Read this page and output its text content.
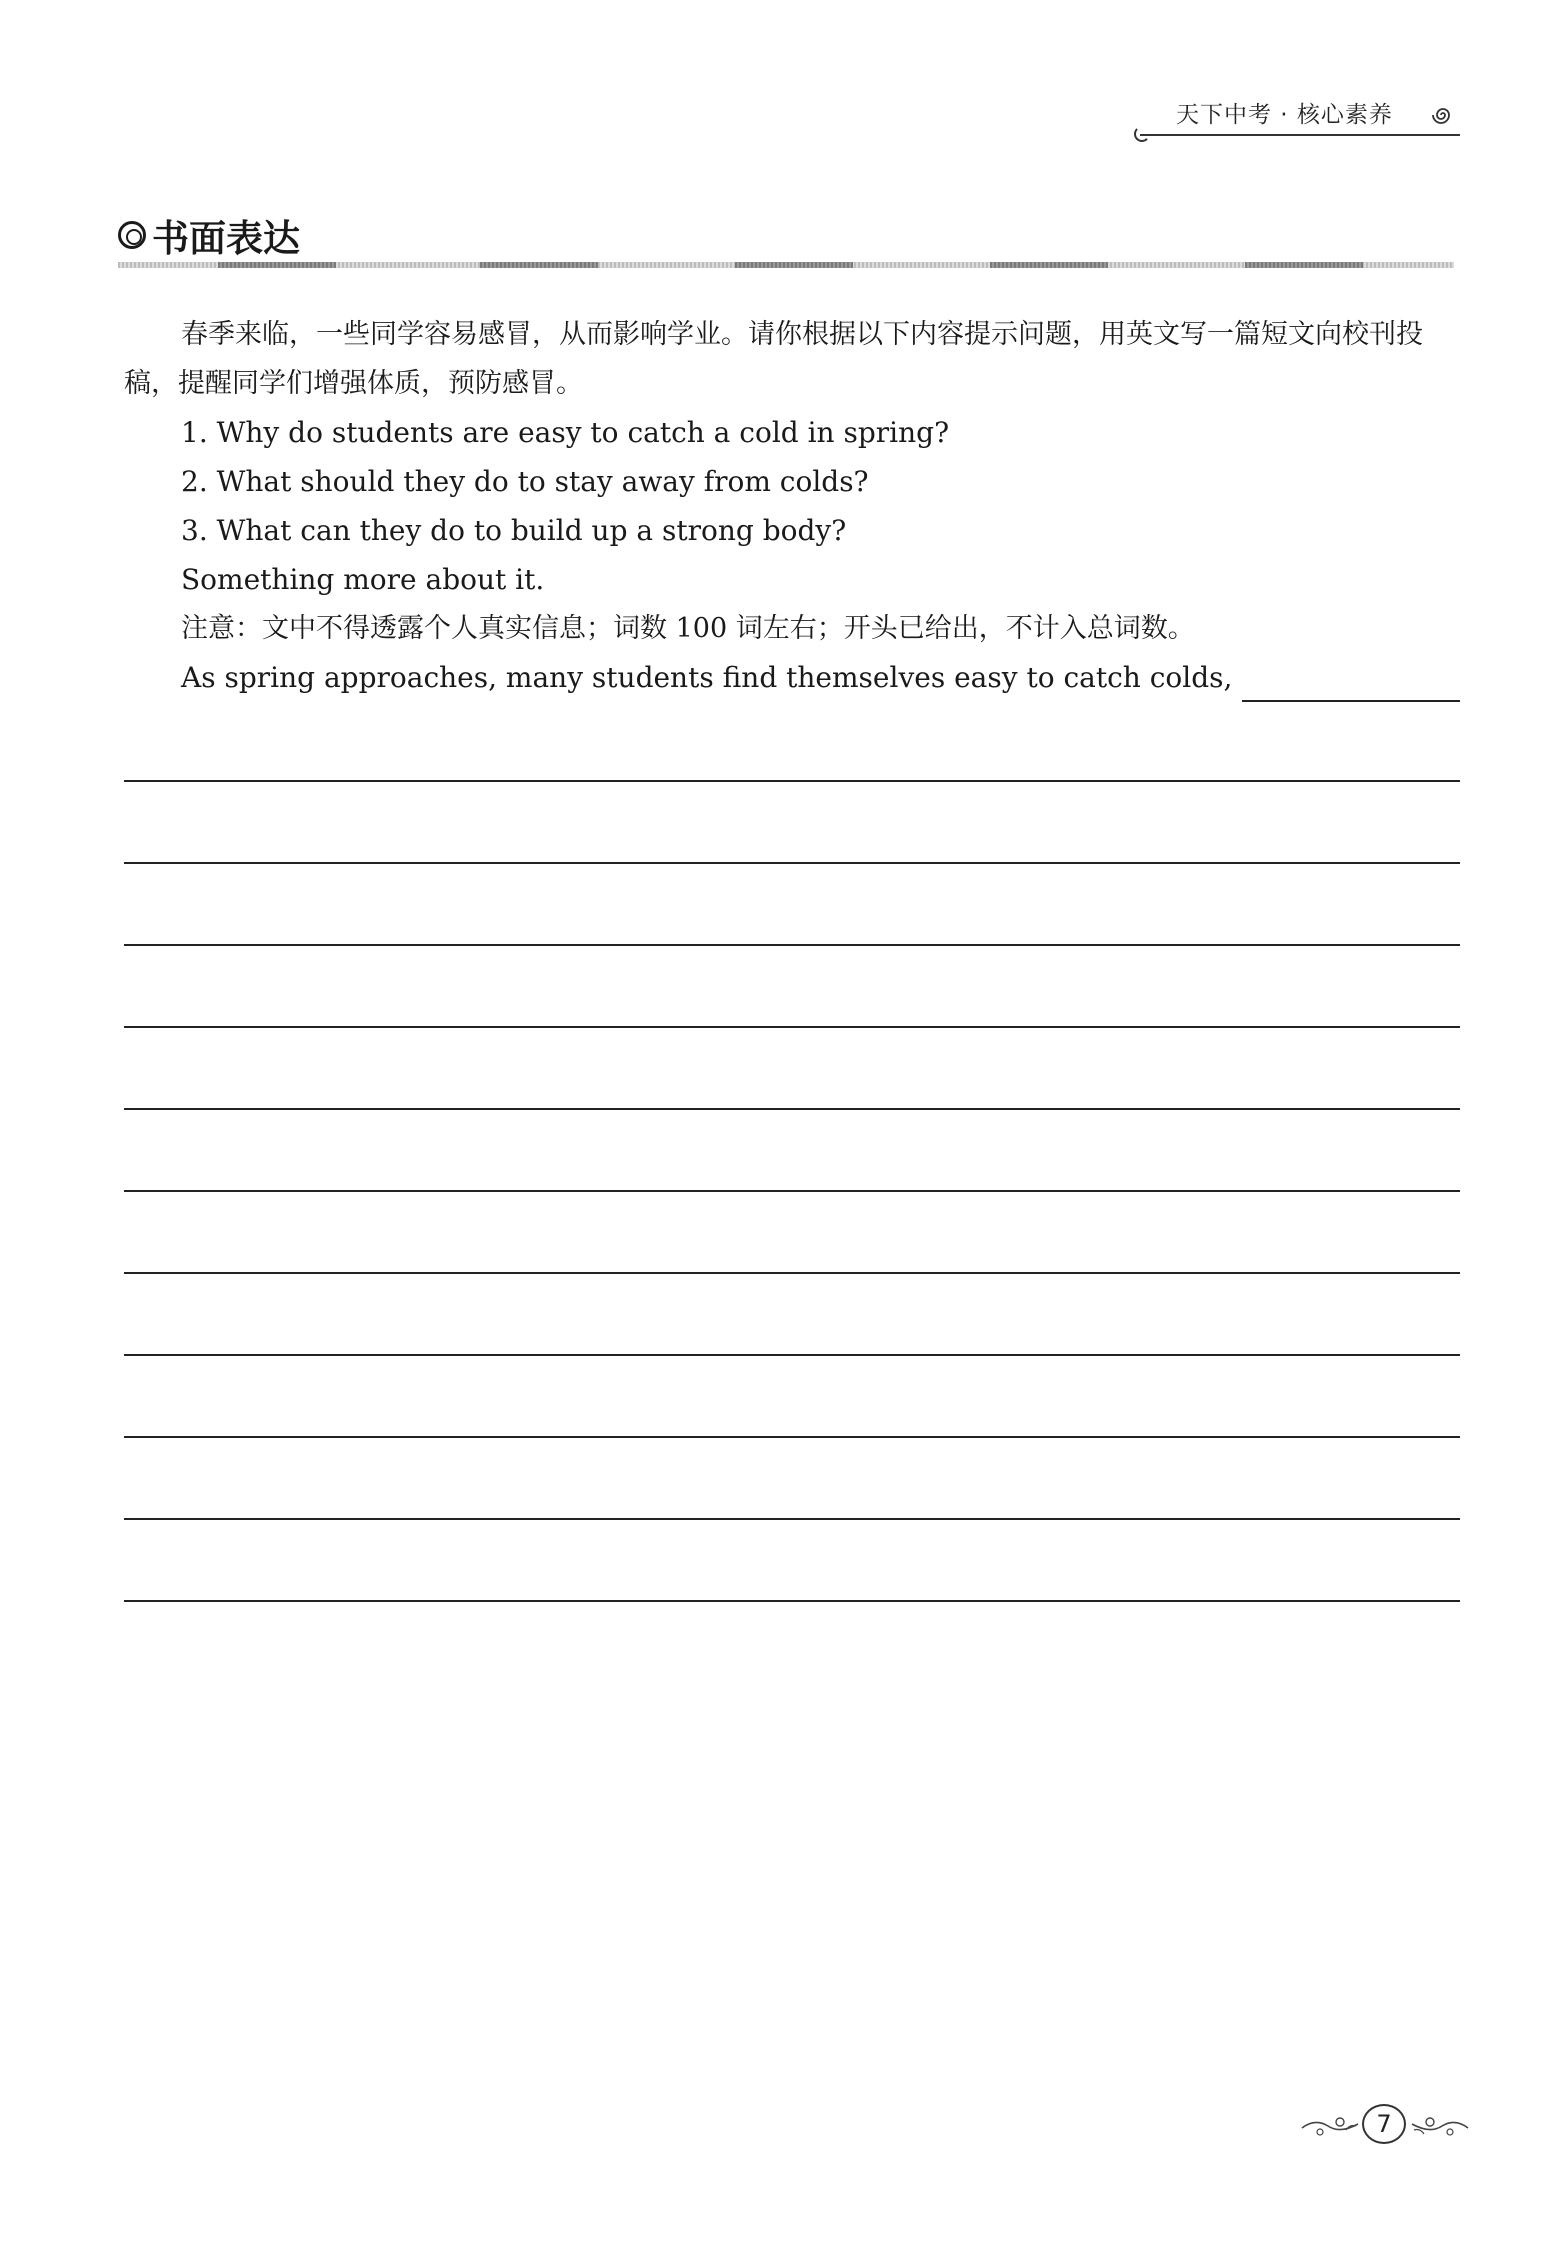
天下中考 · 核心素养
书面表达
春季来临，一些同学容易感冒，从而影响学业。请你根据以下内容提示问题，用英文写一篇短文向校刊投稿，提醒同学们增强体质，预防感冒。
1. Why do students are easy to catch a cold in spring?
2. What should they do to stay away from colds?
3. What can they do to build up a strong body?
Something more about it.
注意：文中不得透露个人真实信息；词数 100 词左右；开头已给出，不计入总词数。
As spring approaches, many students find themselves easy to catch colds,
7
